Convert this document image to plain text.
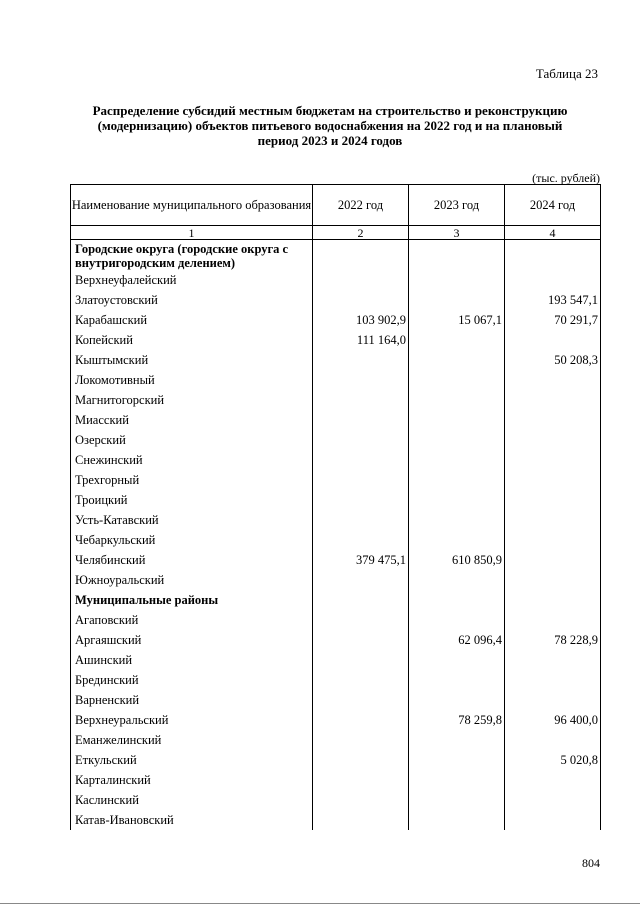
Таблица 23
Распределение субсидий местным бюджетам на строительство и реконструкцию
(модернизацию) объектов питьевого водоснабжения на 2022 год и на плановый
период 2023 и 2024 годов
(тыс. рублей)
Наименование муниципального образования	2022 год	2023 год	2024 год
1	2	3	4
Городские округа (городские округа с внутригородским делением)			
Верхнеуфалейский			
Златоустовский			193 547,1
Карабашский	103 902,9	15 067,1	70 291,7
Копейский	111 164,0		
Кыштымский			50 208,3
Локомотивный			
Магнитогорский			
Миасский			
Озерский			
Снежинский			
Трехгорный			
Троицкий			
Усть-Катавский			
Чебаркульский			
Челябинский	379 475,1	610 850,9	
Южноуральский			
Муниципальные районы			
Агаповский			
Аргаяшский		62 096,4	78 228,9
Ашинский			
Брединский			
Варненский			
Верхнеуральский		78 259,8	96 400,0
Еманжелинский			
Еткульский			5 020,8
Карталинский			
Каслинский			
Катав-Ивановский			
804
